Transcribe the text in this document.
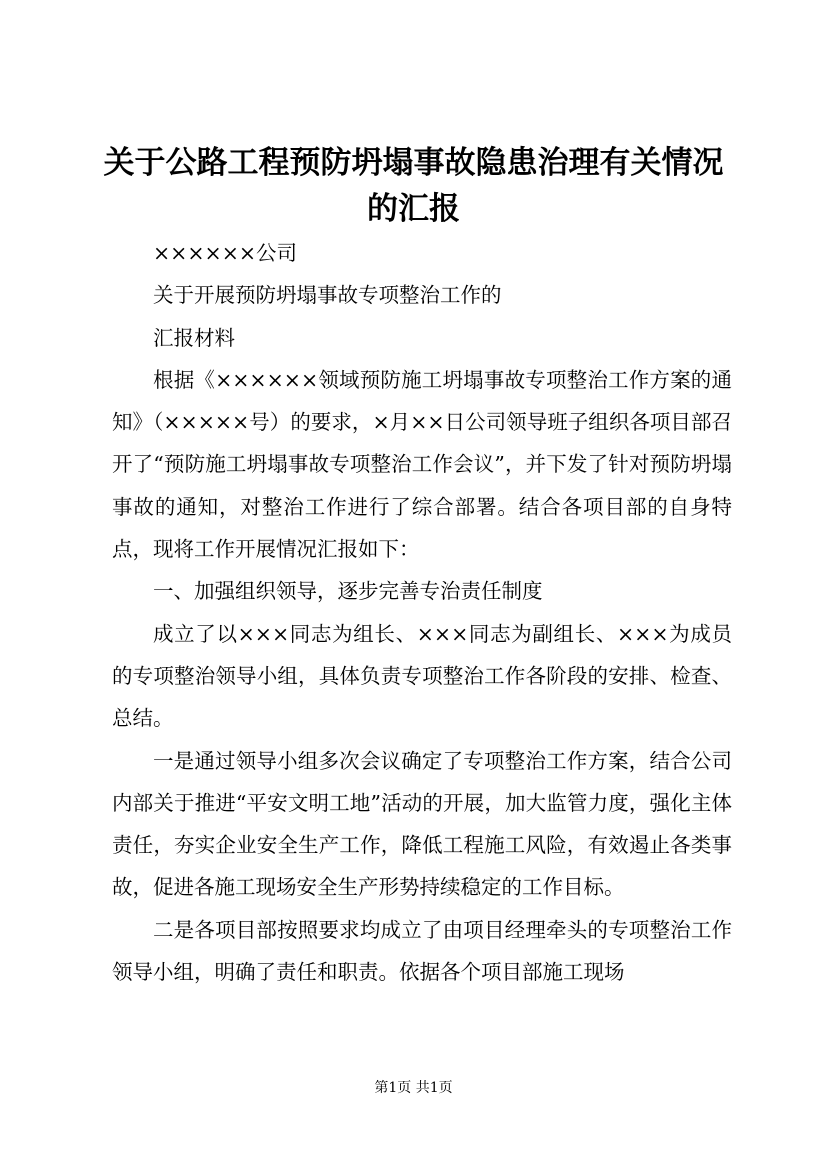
关于公路工程预防坍塌事故隐患治理有关情况的汇报

××××××公司

关于开展预防坍塌事故专项整治工作的

汇报材料

根据《××××××领域预防施工坍塌事故专项整治工作方案的通知》（×××××号）的要求，×月××日公司领导班子组织各项目部召开了“预防施工坍塌事故专项整治工作会议”，并下发了针对预防坍塌事故的通知，对整治工作进行了综合部署。结合各项目部的自身特点，现将工作开展情况汇报如下：

一、加强组织领导，逐步完善专治责任制度

成立了以×××同志为组长、×××同志为副组长、×××为成员的专项整治领导小组，具体负责专项整治工作各阶段的安排、检查、总结。

一是通过领导小组多次会议确定了专项整治工作方案，结合公司内部关于推进“平安文明工地”活动的开展，加大监管力度，强化主体责任，夯实企业安全生产工作，降低工程施工风险，有效遏止各类事故，促进各施工现场安全生产形势持续稳定的工作目标。

二是各项目部按照要求均成立了由项目经理牵头的专项整治工作领导小组，明确了责任和职责。依据各个项目部施工现场

第1页 共1页
